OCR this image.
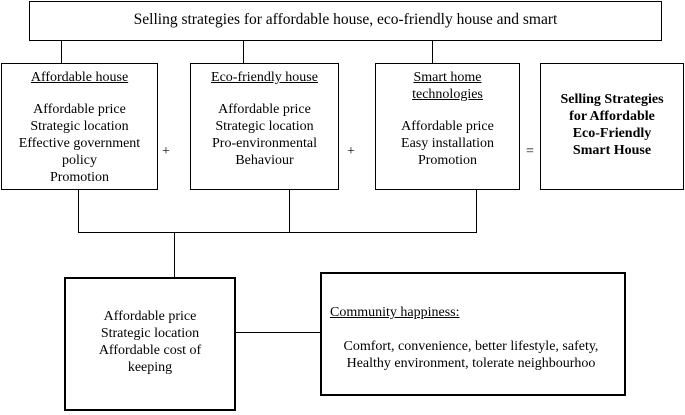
Selling strategies for affordable house, eco-friendly house and smart
Affordable house
Affordable price
Strategic location
Effective government
policy
Promotion
Eco-friendly house
Affordable price
Strategic location
Pro-environmental
Behaviour
Smart home
technologies
Affordable price
Easy installation
Promotion
Selling Strategies
for Affordable
Eco-Friendly
Smart House
+	+	=
Affordable price
Strategic location
Affordable cost of
keeping
Community happiness:
Comfort, convenience, better lifestyle, safety,
Healthy environment, tolerate neighbourhoo
